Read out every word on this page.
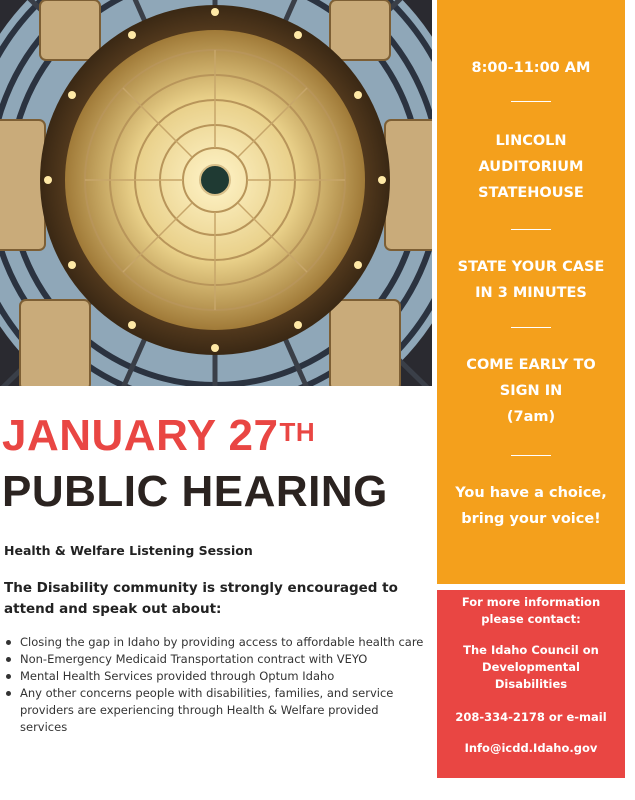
8:00-11:00 AM
LINCOLN
AUDITORIUM
STATEHOUSE
STATE YOUR CASE
IN 3 MINUTES
COME EARLY TO
SIGN IN
(7am)
You have a choice,
bring your voice!
For more information
please contact:
The Idaho Council on
Developmental
Disabilities
208-334-2178 or e-mail
Info@icdd.Idaho.gov
JANUARY 27TH
PUBLIC HEARING
Health & Welfare Listening Session
The Disability community is strongly encouraged to attend and speak out about:
Closing the gap in Idaho by providing access to affordable health care
Non-Emergency Medicaid Transportation contract with VEYO
Mental Health Services provided through Optum Idaho
Any other concerns people with disabilities, families, and service providers are experiencing through Health & Welfare provided services
